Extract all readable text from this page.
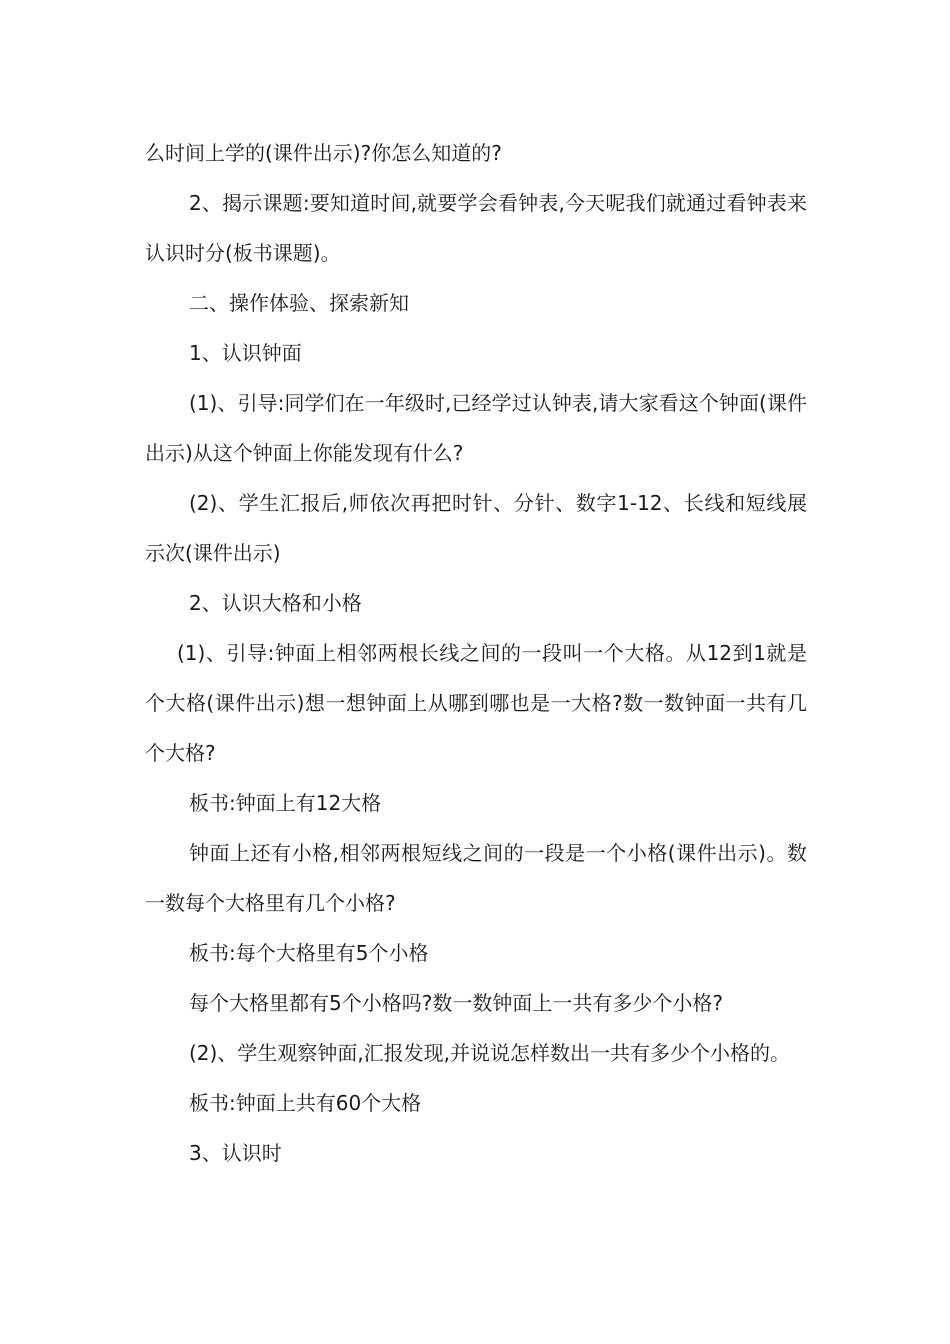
么时间上学的(课件出示)?你怎么知道的?

2、揭示课题:要知道时间,就要学会看钟表,今天呢我们就通过看钟表来认识时分(板书课题)。

二、操作体验、探索新知

1、认识钟面

(1)、引导:同学们在一年级时,已经学过认钟表,请大家看这个钟面(课件出示)从这个钟面上你能发现有什么?

(2)、学生汇报后,师依次再把时针、分针、数字1-12、长线和短线展示次(课件出示)

2、认识大格和小格

(1)、引导:钟面上相邻两根长线之间的一段叫一个大格。从12到1就是个大格(课件出示)想一想钟面上从哪到哪也是一大格?数一数钟面一共有几个大格?

板书:钟面上有12大格

钟面上还有小格,相邻两根短线之间的一段是一个小格(课件出示)。数一数每个大格里有几个小格?

板书:每个大格里有5个小格

每个大格里都有5个小格吗?数一数钟面上一共有多少个小格?

(2)、学生观察钟面,汇报发现,并说说怎样数出一共有多少个小格的。

板书:钟面上共有60个大格

3、认识时
